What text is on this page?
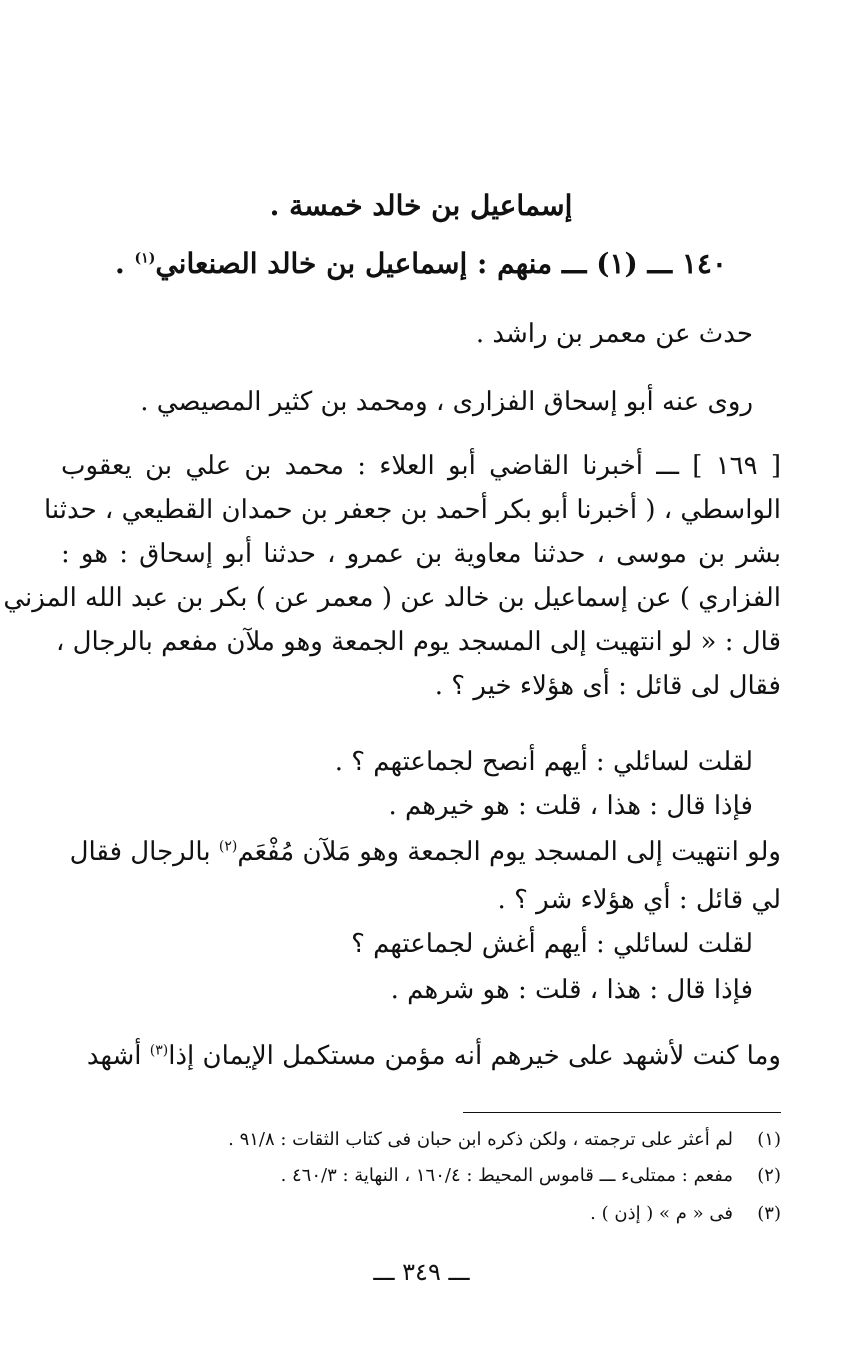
إسماعيل بن خالد خمسة .
١٤٠ ـــ (١) ـــ منهم : إسماعيل بن خالد الصنعاني$^{(١)}$ .
حدث عن معمر بن راشد .
روى عنه أبو إسحاق الفزارى ، ومحمد بن كثير المصيصي .
[ ١٦٩ ] ـــ أخبرنا القاضي أبو العلاء : محمد بن علي بن يعقوب
الواسطي ، ( أخبرنا أبو بكر أحمد بن جعفر بن حمدان القطيعي ، حدثنا
بشر بن موسى ، حدثنا معاوية بن عمرو ، حدثنا أبو إسحاق : هو :
الفزاري ) عن إسماعيل بن خالد عن ( معمر عن ) بكر بن عبد الله المزني
قال : « لو انتهيت إلى المسجد يوم الجمعة وهو ملآن مفعم بالرجال ،
فقال لى قائل : أى هؤلاء خير ؟ .
لقلت لسائلي : أيهم أنصح لجماعتهم ؟ .
فإذا قال : هذا ، قلت : هو خيرهم .
ولو انتهيت إلى المسجد يوم الجمعة وهو مَلآن مُفْعَم$^{(٢)}$ بالرجال فقال
لي قائل : أي هؤلاء شر ؟ .
لقلت لسائلي : أيهم أغش لجماعتهم ؟
فإذا قال : هذا ، قلت : هو شرهم .
وما كنت لأشهد على خيرهم أنه مؤمن مستكمل الإيمان إذا$^{(٣)}$ أشهد
(١)لم أعثر على ترجمته ، ولكن ذكره ابن حبان فى كتاب الثقات : ٩١/٨ .
(٢)مفعم : ممتلىء ـــ قاموس المحيط : ١٦٠/٤ ، النهاية : ٤٦٠/٣ .
(٣)فى « م » ( إذن ) .
ـــ ٣٤٩ ـــ
